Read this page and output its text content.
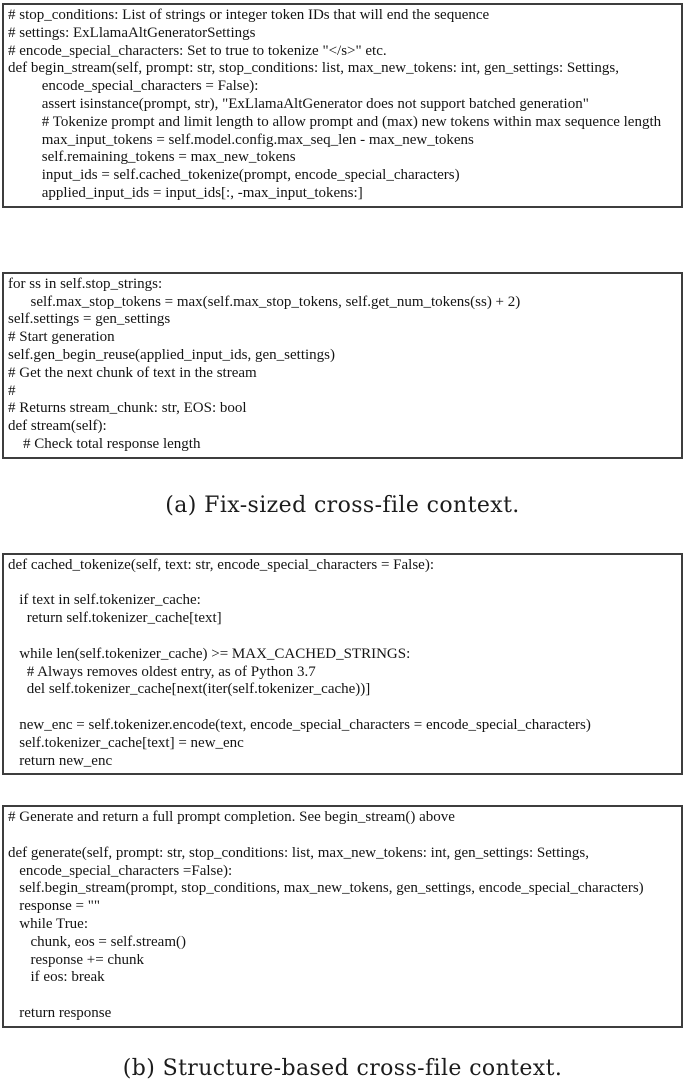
# stop_conditions: List of strings or integer token IDs that will end the sequence
# settings: ExLlamaAltGeneratorSettings
# encode_special_characters: Set to true to tokenize "</s>" etc.
def begin_stream(self, prompt: str, stop_conditions: list, max_new_tokens: int, gen_settings: Settings,
encode_special_characters = False):
assert isinstance(prompt, str), "ExLlamaAltGenerator does not support batched generation"
# Tokenize prompt and limit length to allow prompt and (max) new tokens within max sequence length
max_input_tokens = self.model.config.max_seq_len - max_new_tokens
self.remaining_tokens = max_new_tokens
input_ids = self.cached_tokenize(prompt, encode_special_characters)
applied_input_ids = input_ids[:, -max_input_tokens:]
for ss in self.stop_strings:
self.max_stop_tokens = max(self.max_stop_tokens, self.get_num_tokens(ss) + 2)
self.settings = gen_settings
# Start generation
self.gen_begin_reuse(applied_input_ids, gen_settings)
# Get the next chunk of text in the stream
#
# Returns stream_chunk: str, EOS: bool
def stream(self):
# Check total response length
(a) Fix-sized cross-file context.
def cached_tokenize(self, text: str, encode_special_characters = False):

if text in self.tokenizer_cache:
return self.tokenizer_cache[text]

while len(self.tokenizer_cache) >= MAX_CACHED_STRINGS:
# Always removes oldest entry, as of Python 3.7
del self.tokenizer_cache[next(iter(self.tokenizer_cache))]

new_enc = self.tokenizer.encode(text, encode_special_characters = encode_special_characters)
self.tokenizer_cache[text] = new_enc
return new_enc
# Generate and return a full prompt completion. See begin_stream() above

def generate(self, prompt: str, stop_conditions: list, max_new_tokens: int, gen_settings: Settings,
encode_special_characters =False):
self.begin_stream(prompt, stop_conditions, max_new_tokens, gen_settings, encode_special_characters)
response = ""
while True:
chunk, eos = self.stream()
response += chunk
if eos: break

return response
(b) Structure-based cross-file context.
